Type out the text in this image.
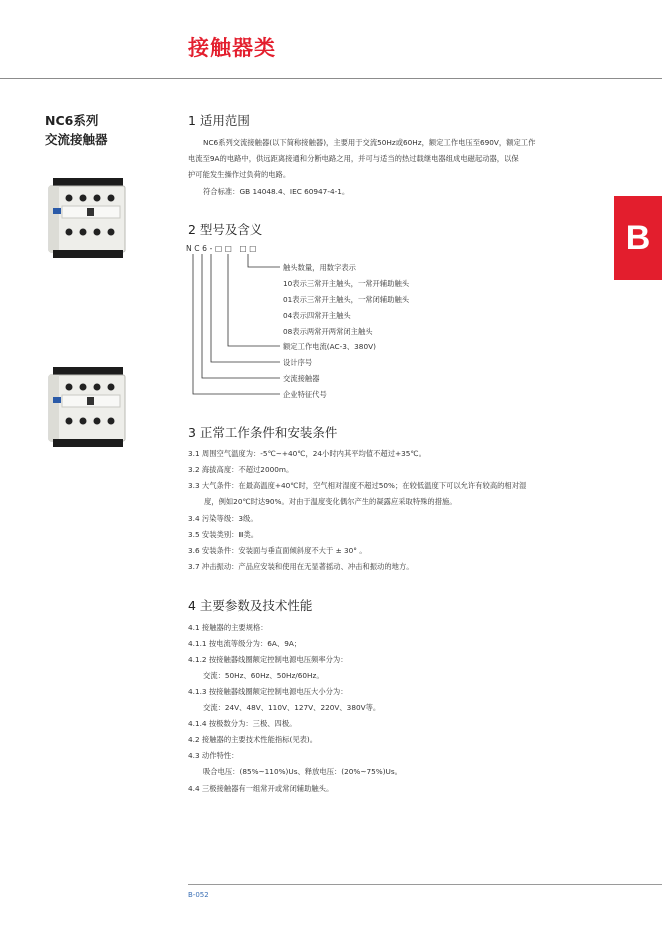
接触器类
NC6系列
交流接触器
B
1 适用范围
NC6系列交流接触器(以下简称接触器)，主要用于交流50Hz或60Hz，额定工作电压至690V，额定工作
电流至9A的电路中，供远距离接通和分断电路之用，并可与适当的热过载继电器组成电磁起动器，以保
护可能发生操作过负荷的电路。
符合标准：GB 14048.4、IEC 60947-4-1。
2 型号及含义
NC6-□□ □□
触头数量，用数字表示
10表示三常开主触头，一常开辅助触头
01表示三常开主触头，一常闭辅助触头
04表示四常开主触头
08表示两常开两常闭主触头
额定工作电流(AC-3、380V)
设计序号
交流接触器
企业特征代号
3 正常工作条件和安装条件
3.1 周围空气温度为：-5℃~+40℃，24小时内其平均值不超过+35℃。
3.2 海拔高度：不超过2000m。
3.3 大气条件：在最高温度+40℃时，空气相对湿度不超过50%；在较低温度下可以允许有较高的相对湿
度，例如20℃时达90%。对由于温度变化偶尔产生的凝露应采取特殊的措施。
3.4 污染等级：3级。
3.5 安装类别：Ⅲ类。
3.6 安装条件：安装面与垂直面倾斜度不大于 ± 30° 。
3.7 冲击振动：产品应安装和使用在无显著摇动、冲击和振动的地方。
4 主要参数及技术性能
4.1 接触器的主要规格：
4.1.1 按电流等级分为：6A、9A；
4.1.2 按接触器线圈额定控制电源电压频率分为：
交流：50Hz、60Hz、50Hz/60Hz。
4.1.3 按接触器线圈额定控制电源电压大小分为：
交流：24V、48V、110V、127V、220V、380V等。
4.1.4 按极数分为：三极、四极。
4.2 接触器的主要技术性能指标(见表)。
4.3 动作特性：
吸合电压：(85%~110%)Us、释放电压：(20%~75%)Us。
4.4 三极接触器有一组常开或常闭辅助触头。
B-052
